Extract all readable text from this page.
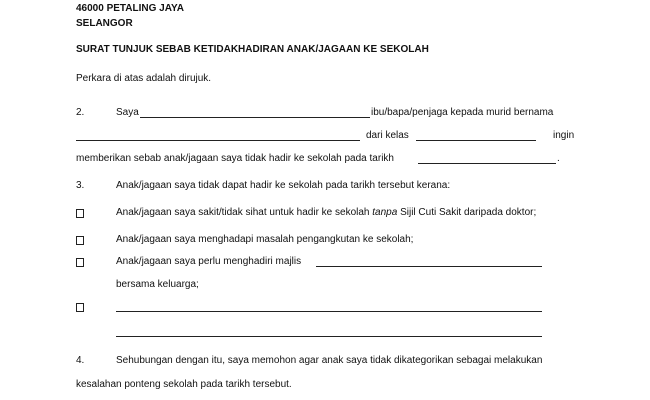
46000 PETALING JAYA
SELANGOR
SURAT TUNJUK SEBAB KETIDAKHADIRAN ANAK/JAGAAN KE SEKOLAH
Perkara di atas adalah dirujuk.
2.	Saya	ibu/bapa/penjaga kepada murid bernama
dari kelas	ingin
memberikan sebab anak/jagaan saya tidak hadir ke sekolah pada tarikh	.
3.	Anak/jagaan saya tidak dapat hadir ke sekolah pada tarikh tersebut kerana:
Anak/jagaan saya sakit/tidak sihat untuk hadir ke sekolah tanpa Sijil Cuti Sakit daripada doktor;
Anak/jagaan saya menghadapi masalah pengangkutan ke sekolah;
Anak/jagaan saya perlu menghadiri majlis
bersama keluarga;
4.	Sehubungan dengan itu, saya memohon agar anak saya tidak dikategorikan sebagai melakukan
kesalahan ponteng sekolah pada tarikh tersebut.
